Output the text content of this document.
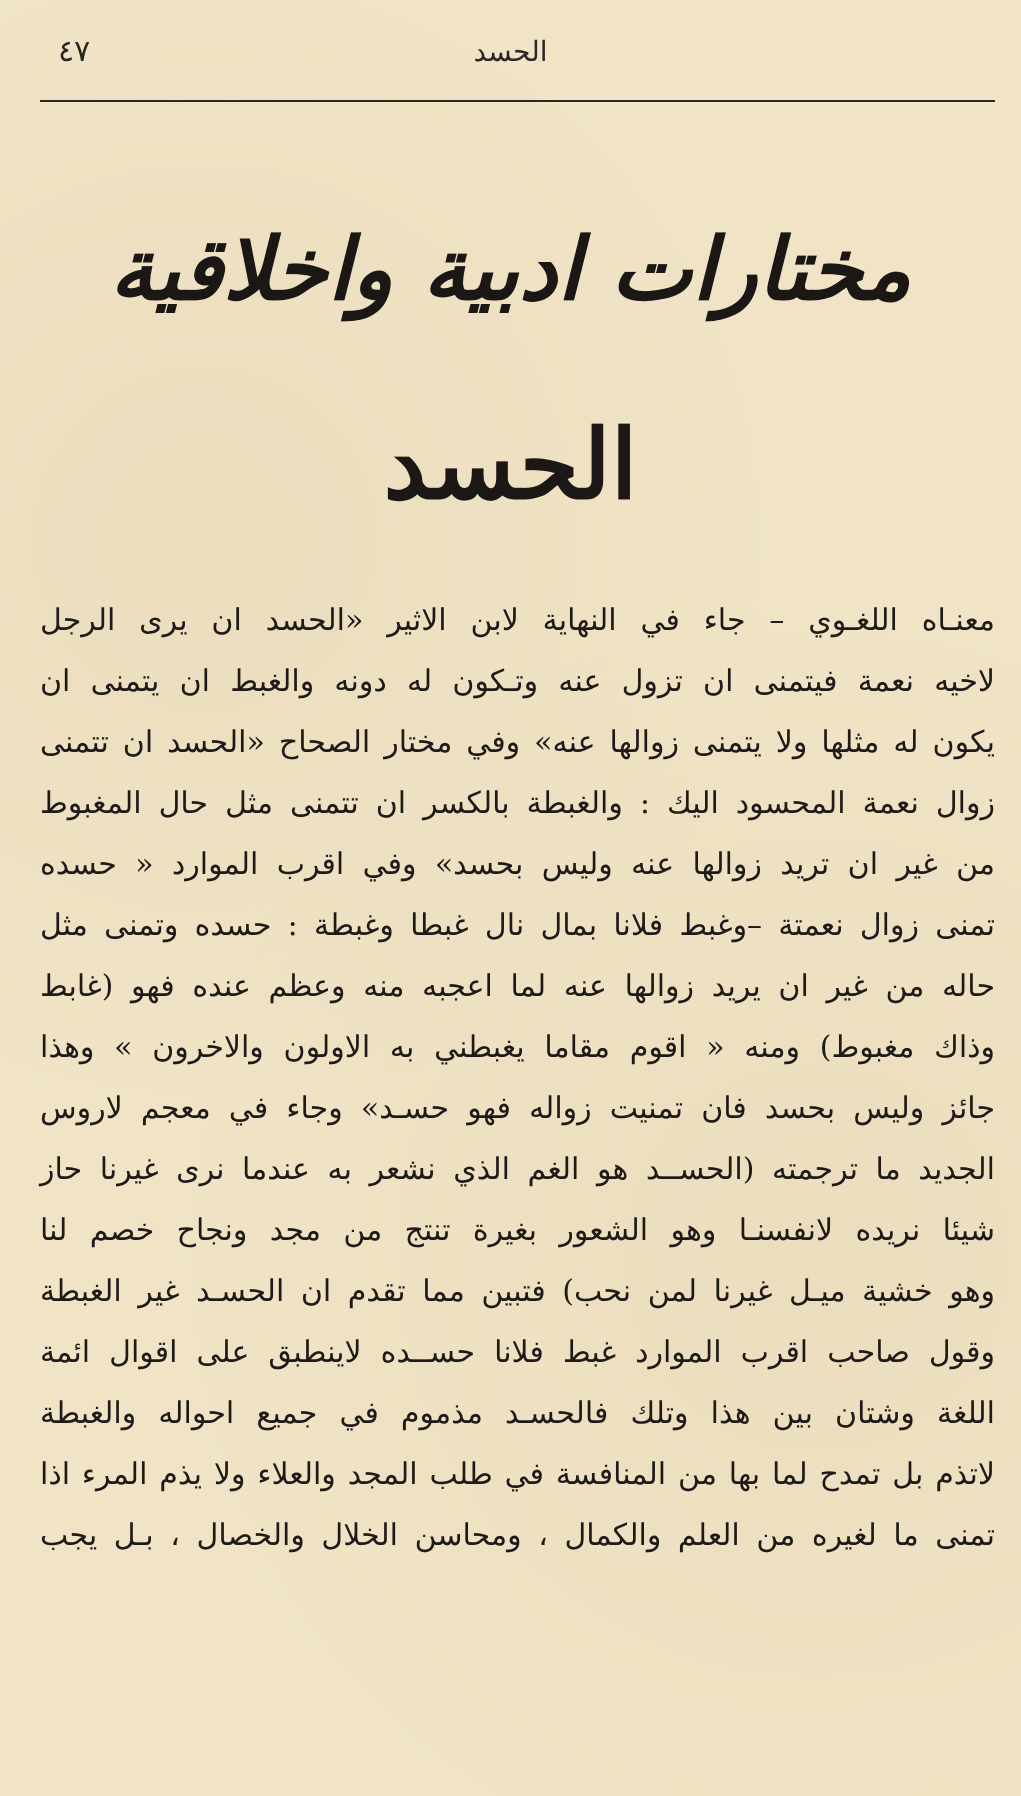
٤٧	الحسد
مختارات ادبية واخلاقية
الحسد
معنـاه اللغـوي – جاء في النهاية لابن الاثير «الحسد ان يرى الرجل
لاخيه نعمة فيتمنى ان تزول عنه وتـكون له دونه والغبط ان يتمنى ان
يكون له مثلها ولا يتمنى زوالها عنه» وفي مختار الصحاح «الحسد ان تتمنى
زوال نعمة المحسود اليك : والغبطة بالكسر ان تتمنى مثل حال المغبوط
من غير ان تريد زوالها عنه وليس بحسد» وفي اقرب الموارد « حسده
تمنى زوال نعمتة –وغبط فلانا بمال نال غبطا وغبطة : حسده وتمنى مثل
حاله من غير ان يريد زوالها عنه لما اعجبه منه وعظم عنده فهو (غابط
وذاك مغبوط) ومنه « اقوم مقاما يغبطني به الاولون والاخرون » وهذا
جائز وليس بحسد فان تمنيت زواله فهو حسـد» وجاء في معجم لاروس
الجديد ما ترجمته (الحســد هو الغم الذي نشعر به عندما نرى غيرنا حاز
شيئا نريده لانفسنـا وهو الشعور بغيرة تنتج من مجد ونجاح خصم لنا
وهو خشية ميـل غيرنا لمن نحب) فتبين مما تقدم ان الحسـد غير الغبطة
وقول صاحب اقرب الموارد غبط فلانا حســده لاينطبق على اقوال ائمة
اللغة وشتان بين هذا وتلك فالحسـد مذموم في جميع احواله والغبطة
لاتذم بل تمدح لما بها من المنافسة في طلب المجد والعلاء ولا يذم المرء اذا
تمنى ما لغيره من العلم والكمال ، ومحاسن الخلال والخصال ، بـل يجب
